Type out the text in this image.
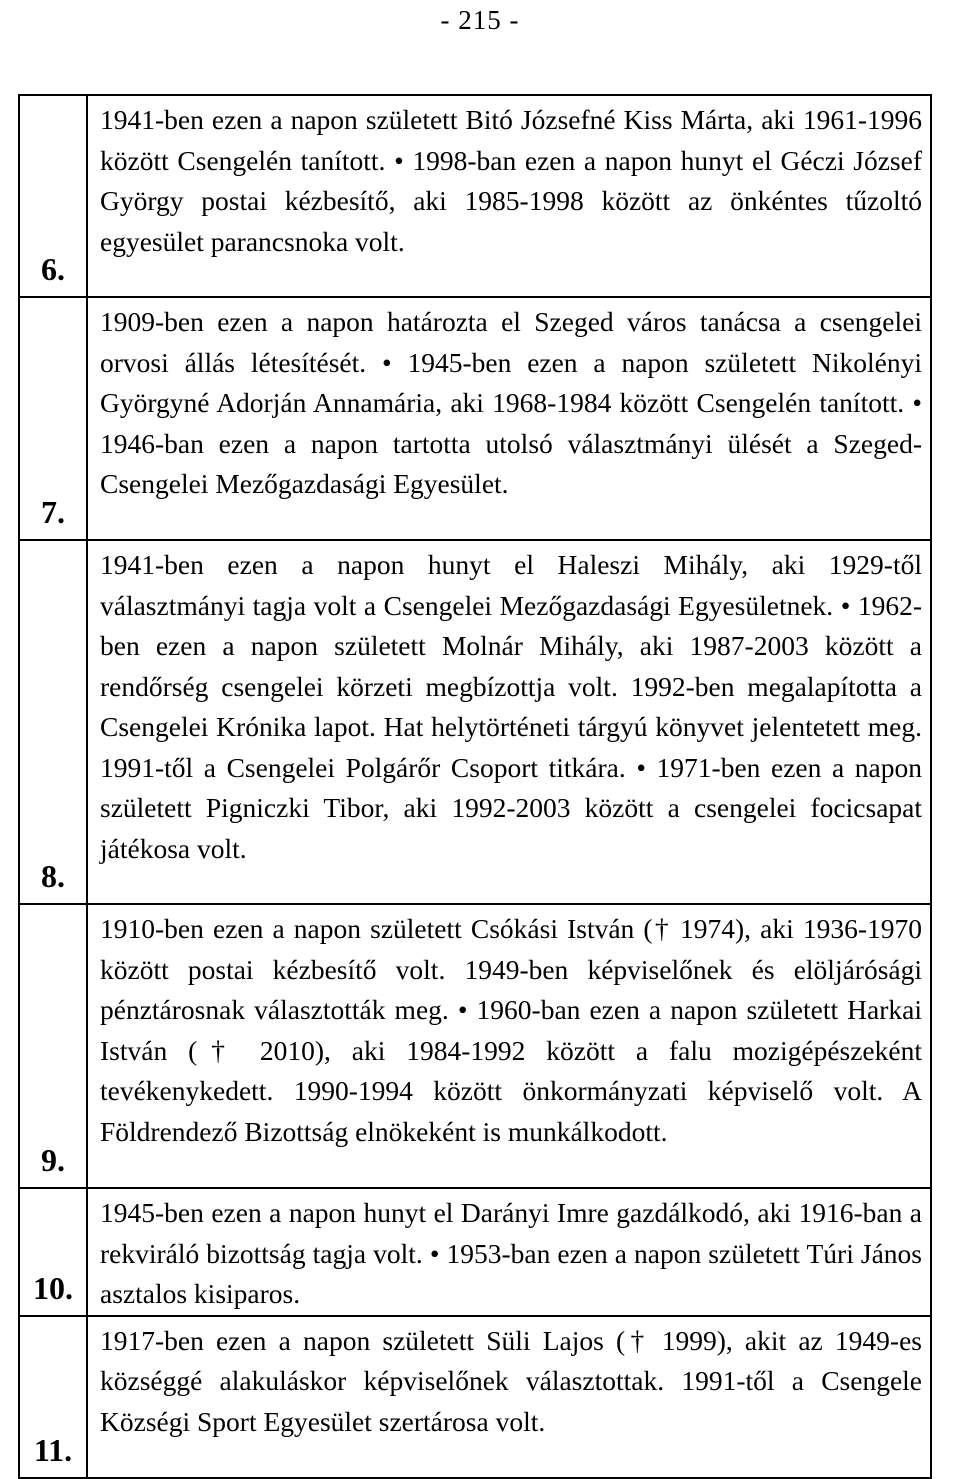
- 215 -
6.	1941-ben ezen a napon született Bitó Józsefné Kiss Márta, aki 1961-1996 között Csengelén tanított. • 1998-ban ezen a napon hunyt el Géczi József György postai kézbesítő, aki 1985-1998 között az önkéntes tűzoltó egyesület parancsnoka volt.

7.	1909-ben ezen a napon határozta el Szeged város tanácsa a csengelei orvosi állás létesítését. • 1945-ben ezen a napon született Nikolényi Györgyné Adorján Annamária, aki 1968-1984 között Csengelén tanított. • 1946-ban ezen a napon tartotta utolsó választmányi ülését a Szeged-Csengelei Mezőgazdasági Egyesület.

8.	1941-ben ezen a napon hunyt el Haleszi Mihály, aki 1929-től választmányi tagja volt a Csengelei Mezőgazdasági Egyesületnek. • 1962-ben ezen a napon született Molnár Mihály, aki 1987-2003 között a rendőrség csengelei körzeti megbízottja volt. 1992-ben megalapította a Csengelei Krónika lapot. Hat helytörténeti tárgyú könyvet jelentetett meg. 1991-től a Csengelei Polgárőr Csoport titkára. • 1971-ben ezen a napon született Pigniczki Tibor, aki 1992-2003 között a csengelei focicsapat játékosa volt.

9.	1910-ben ezen a napon született Csókási István († 1974), aki 1936-1970 között postai kézbesítő volt. 1949-ben képviselőnek és elöljárósági pénztárosnak választották meg. • 1960-ban ezen a napon született Harkai István († 2010), aki 1984-1992 között a falu mozigépészeként tevékenykedett. 1990-1994 között önkormányzati képviselő volt. A Földrendező Bizottság elnökeként is munkálkodott.

10.	1945-ben ezen a napon hunyt el Darányi Imre gazdálkodó, aki 1916-ban a rekviráló bizottság tagja volt. • 1953-ban ezen a napon született Túri János asztalos kisiparos.

11.	1917-ben ezen a napon született Süli Lajos († 1999), akit az 1949-es községgé alakuláskor képviselőnek választottak. 1991-től a Csengele Községi Sport Egyesület szertárosa volt.
